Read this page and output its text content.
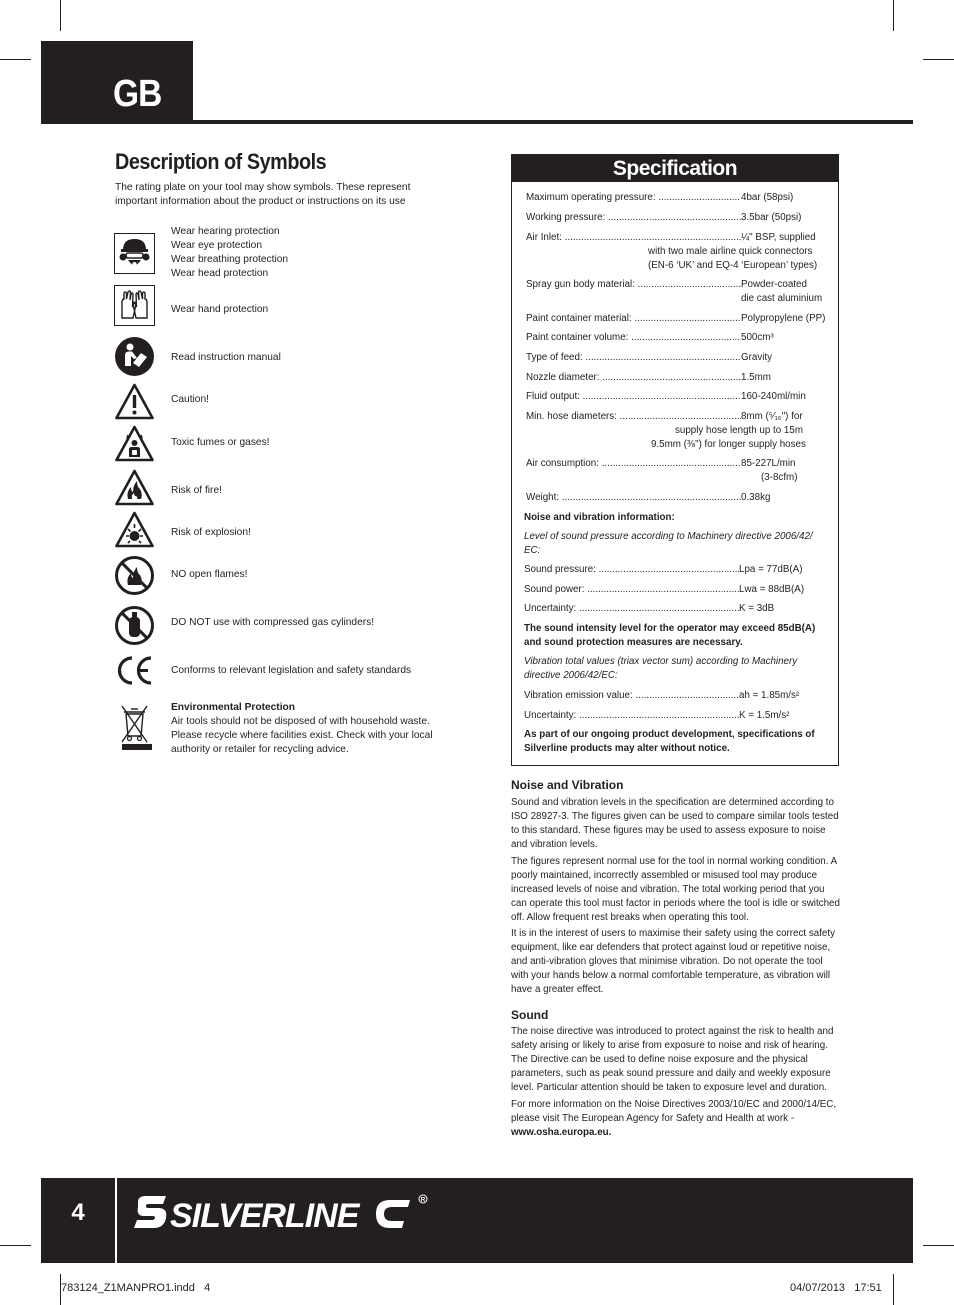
GB
Description of Symbols
The rating plate on your tool may show symbols. These represent important information about the product or instructions on its use
Wear hearing protection
Wear eye protection
Wear breathing protection
Wear head protection
Wear hand protection
Read instruction manual
Caution!
Toxic fumes or gases!
Risk of fire!
Risk of explosion!
NO open flames!
DO NOT use with compressed gas cylinders!
Conforms to relevant legislation and safety standards
Environmental Protection
Air tools should not be disposed of with household waste.
Please recycle where facilities exist. Check with your local
authority or retailer for recycling advice.
Specification
Maximum operating pressure: .....	4bar (58psi)
Working pressure: .....	3.5bar (50psi)
Air Inlet: .....	¼" BSP, supplied
with two male airline quick connectors
(EN-6 ‘UK’ and EQ-4 ‘European’ types)
Spray gun body material: .....	Powder-coated
die cast aluminium
Paint container material: .....	Polypropylene (PP)
Paint container volume: .....	500cm³
Type of feed: .....	Gravity
Nozzle diameter: .....	1.5mm
Fluid output: .....	160-240ml/min
Min. hose diameters: .....	8mm (⁵⁄₁₆") for
supply hose length up to 15m
9.5mm (⅜") for longer supply hoses
Air consumption: .....	85-227L/min
(3-8cfm)
Weight: .....	0.38kg
Noise and vibration information:
Level of sound pressure according to Machinery directive 2006/42/ EC:
Sound pressure: .....	Lpa = 77dB(A)
Sound power: .....	Lwa = 88dB(A)
Uncertainty: .....	K = 3dB
The sound intensity level for the operator may exceed 85dB(A) and sound protection measures are necessary.
Vibration total values (triax vector sum) according to Machinery directive 2006/42/EC:
Vibration emission value: .....	ah = 1.85m/s²
Uncertainty: .....	K = 1.5m/s²
As part of our ongoing product development, specifications of Silverline products may alter without notice.
Noise and Vibration
Sound and vibration levels in the specification are determined according to ISO 28927-3. The figures given can be used to compare similar tools tested to this standard. These figures may be used to assess exposure to noise and vibration levels.
The figures represent normal use for the tool in normal working condition. A poorly maintained, incorrectly assembled or misused tool may produce increased levels of noise and vibration. The total working period that you can operate this tool must factor in periods where the tool is idle or switched off. Allow frequent rest breaks when operating this tool.
It is in the interest of users to maximise their safety using the correct safety equipment, like ear defenders that protect against loud or repetitive noise, and anti-vibration gloves that minimise vibration. Do not operate the tool with your hands below a normal comfortable temperature, as vibration will have a greater effect.
Sound
The noise directive was introduced to protect against the risk to health and safety arising or likely to arise from exposure to noise and risk of hearing. The Directive can be used to define noise exposure and the physical parameters, such as peak sound pressure and daily and weekly exposure level. Particular attention should be taken to exposure level and duration.
For more information on the Noise Directives 2003/10/EC and 2000/14/EC, please visit The European Agency for Safety and Health at work -
www.osha.europa.eu.
4	SILVERLINE	R
783124_Z1MANPRO1.indd   4	04/07/2013   17:51
